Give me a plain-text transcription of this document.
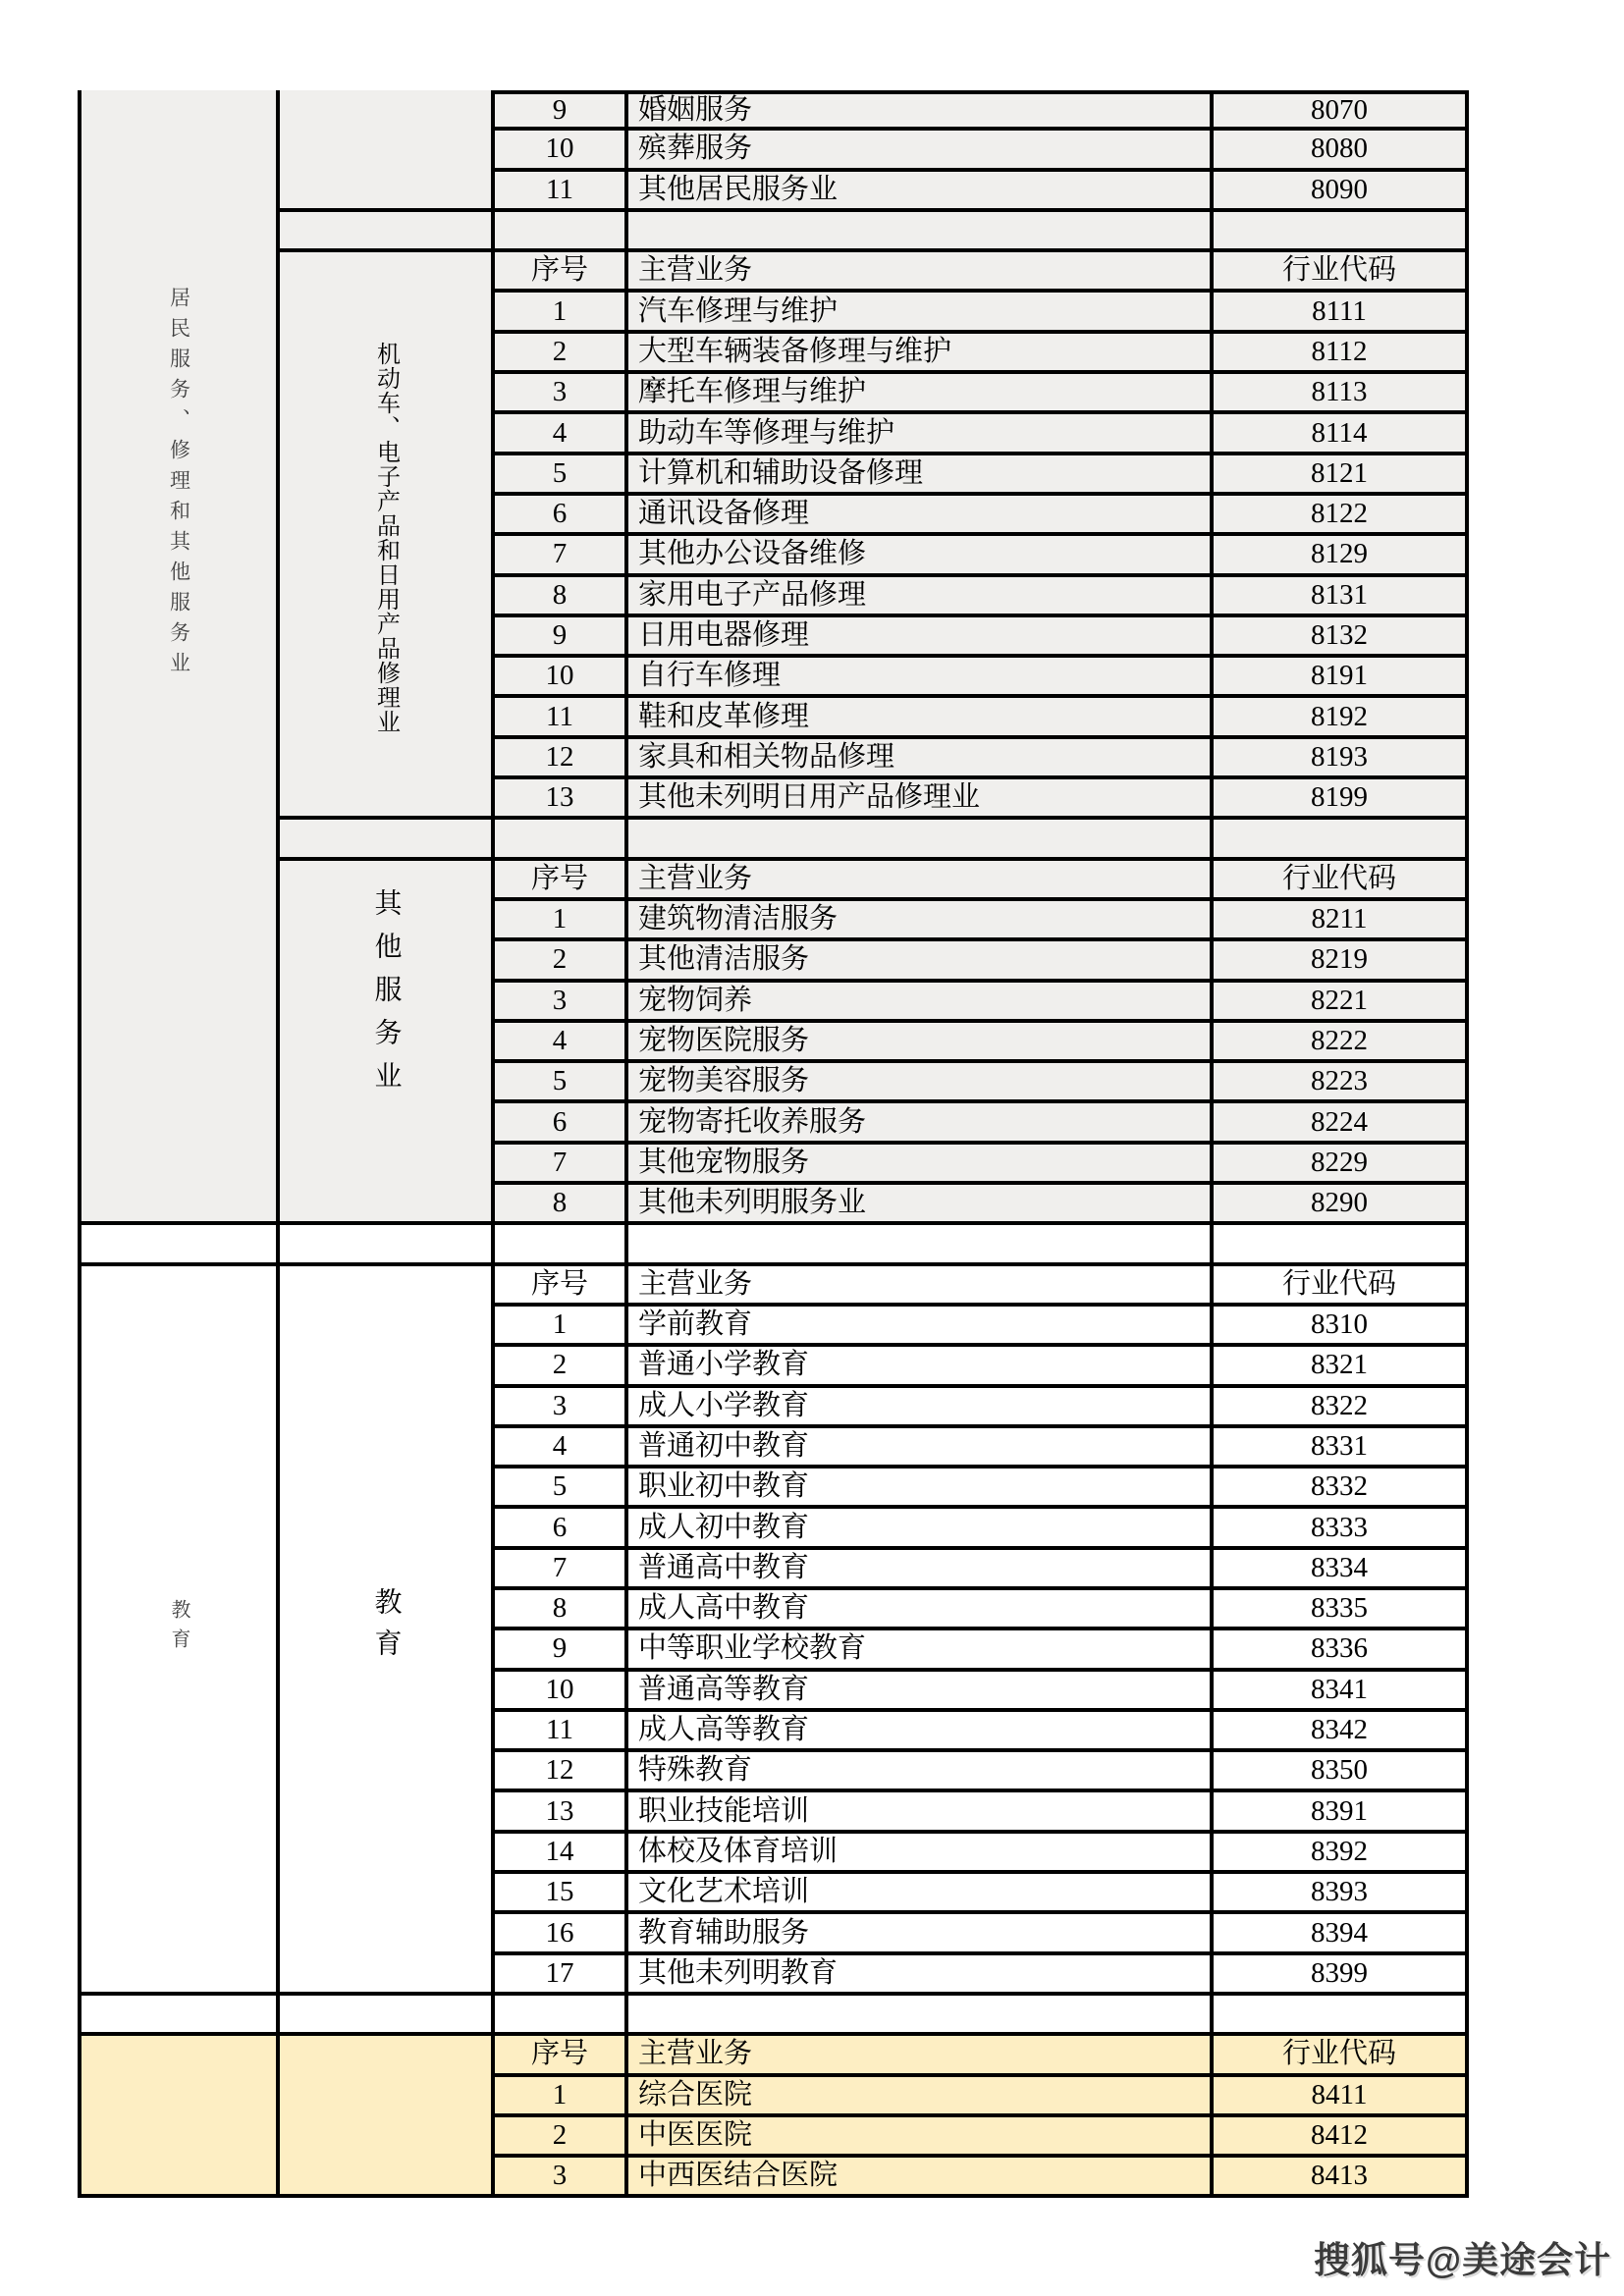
居民服务、修理和其他服务业
教育
机动车、电子产品和日用产品修理业
其他服务业
教育
9	婚姻服务	8070
10	殡葬服务	8080
11	其他居民服务业	8090
序号	主营业务	行业代码
1	汽车修理与维护	8111
2	大型车辆装备修理与维护	8112
3	摩托车修理与维护	8113
4	助动车等修理与维护	8114
5	计算机和辅助设备修理	8121
6	通讯设备修理	8122
7	其他办公设备维修	8129
8	家用电子产品修理	8131
9	日用电器修理	8132
10	自行车修理	8191
11	鞋和皮革修理	8192
12	家具和相关物品修理	8193
13	其他未列明日用产品修理业	8199
序号	主营业务	行业代码
1	建筑物清洁服务	8211
2	其他清洁服务	8219
3	宠物饲养	8221
4	宠物医院服务	8222
5	宠物美容服务	8223
6	宠物寄托收养服务	8224
7	其他宠物服务	8229
8	其他未列明服务业	8290
序号	主营业务	行业代码
1	学前教育	8310
2	普通小学教育	8321
3	成人小学教育	8322
4	普通初中教育	8331
5	职业初中教育	8332
6	成人初中教育	8333
7	普通高中教育	8334
8	成人高中教育	8335
9	中等职业学校教育	8336
10	普通高等教育	8341
11	成人高等教育	8342
12	特殊教育	8350
13	职业技能培训	8391
14	体校及体育培训	8392
15	文化艺术培训	8393
16	教育辅助服务	8394
17	其他未列明教育	8399
序号	主营业务	行业代码
1	综合医院	8411
2	中医医院	8412
3	中西医结合医院	8413
搜狐号@美途会计
